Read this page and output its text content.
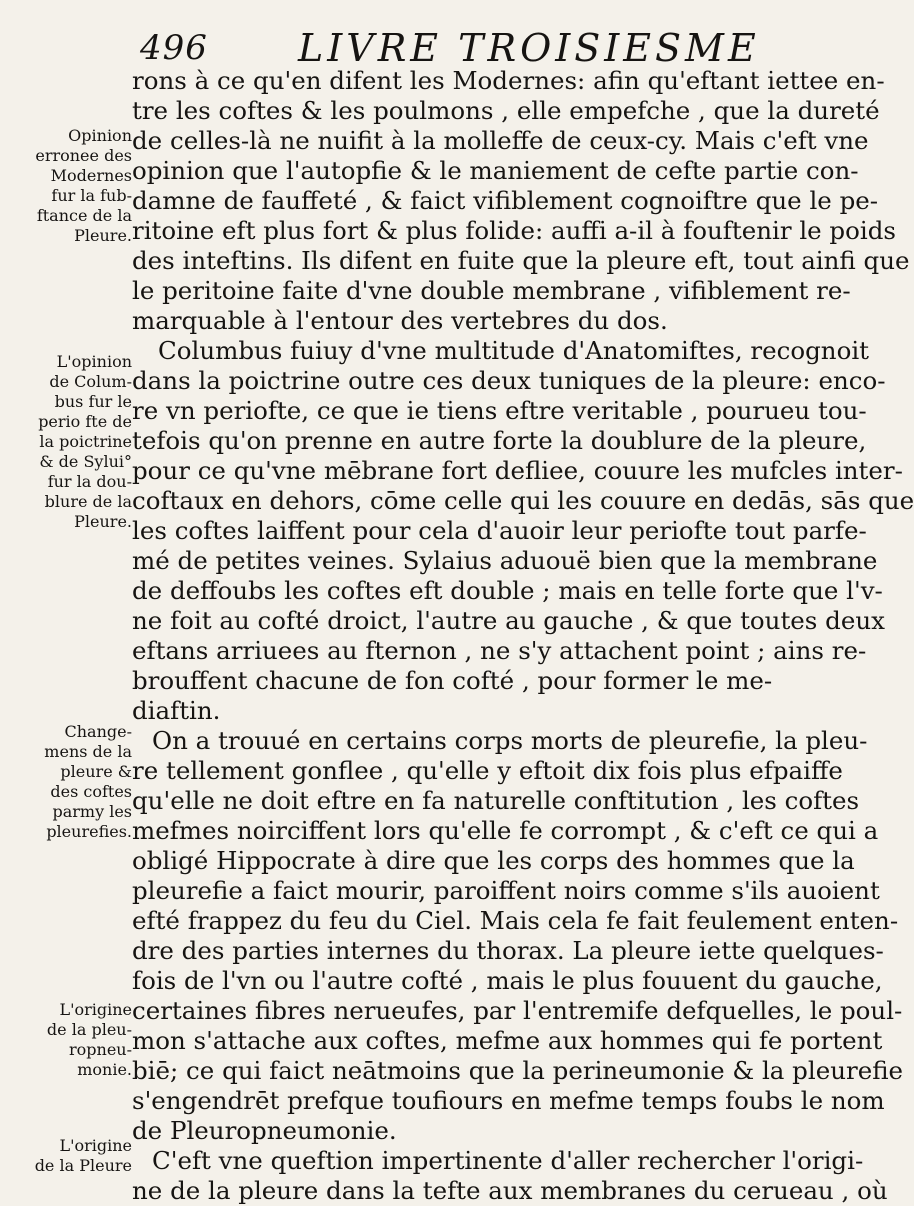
496 LIVRE TROISIESME
Opinion
erronee des
Modernes
fur la fub-
ftance de la
Pleure.
L'opinion
de Colum-
bus fur le
perio fte de
la poictrine
& de Sylui°
fur la dou-
blure de la
Pleure.
Change-
mens de la
pleure &
des coftes
parmy les
pleurefies.
L'origine
de la pleu-
ropneu-
monie.
L'origine
de la Pleure
rons à ce qu'en difent les Modernes: afin qu'eftant iettee en-
tre les coftes & les poulmons , elle empefche , que la dureté
de celles-là ne nuifit à la molleffe de ceux-cy. Mais c'eft vne
opinion que l'autopfie & le maniement de cefte partie con-
damne de fauffeté , & faict vifiblement cognoiftre que le pe-
ritoine eft plus fort & plus folide: auffi a-il à fouftenir le poids
des inteftins. Ils difent en fuite que la pleure eft, tout ainfi que
le peritoine faite d'vne double membrane , vifiblement re-
marquable à l'entour des vertebres du dos.
Columbus fuiuy d'vne multitude d'Anatomiftes, recognoit
dans la poictrine outre ces deux tuniques de la pleure: enco-
re vn periofte, ce que ie tiens eftre veritable , pourueu tou-
tefois qu'on prenne en autre forte la doublure de la pleure,
pour ce qu'vne mēbrane fort defliee, couure les mufcles inter-
coftaux en dehors, cōme celle qui les couure en dedās, sās que
les coftes laiffent pour cela d'auoir leur periofte tout parfe-
mé de petites veines. Sylaius aduouë bien que la membrane
de deffoubs les coftes eft double ; mais en telle forte que l'v-
ne foit au cofté droict, l'autre au gauche , & que toutes deux
eftans arriuees au fternon , ne s'y attachent point ; ains re-
brouffent chacune de fon cofté , pour former le me-
diaftin.
On a trouué en certains corps morts de pleurefie, la pleu-
re tellement gonflee , qu'elle y eftoit dix fois plus efpaiffe
qu'elle ne doit eftre en fa naturelle conftitution , les coftes
mefmes noirciffent lors qu'elle fe corrompt , & c'eft ce qui a
obligé Hippocrate à dire que les corps des hommes que la
pleurefie a faict mourir, paroiffent noirs comme s'ils auoient
efté frappez du feu du Ciel. Mais cela fe fait feulement enten-
dre des parties internes du thorax. La pleure iette quelques-
fois de l'vn ou l'autre cofté , mais le plus fouuent du gauche,
certaines fibres nerueufes, par l'entremife defquelles, le poul-
mon s'attache aux coftes, mefme aux hommes qui fe portent
biē; ce qui faict neātmoins que la perineumonie & la pleurefie
s'engendrēt prefque toufiours en mefme temps foubs le nom
de Pleuropneumonie.
C'eft vne queftion impertinente d'aller rechercher l'origi-
ne de la pleure dans la tefte aux membranes du cerueau , où
